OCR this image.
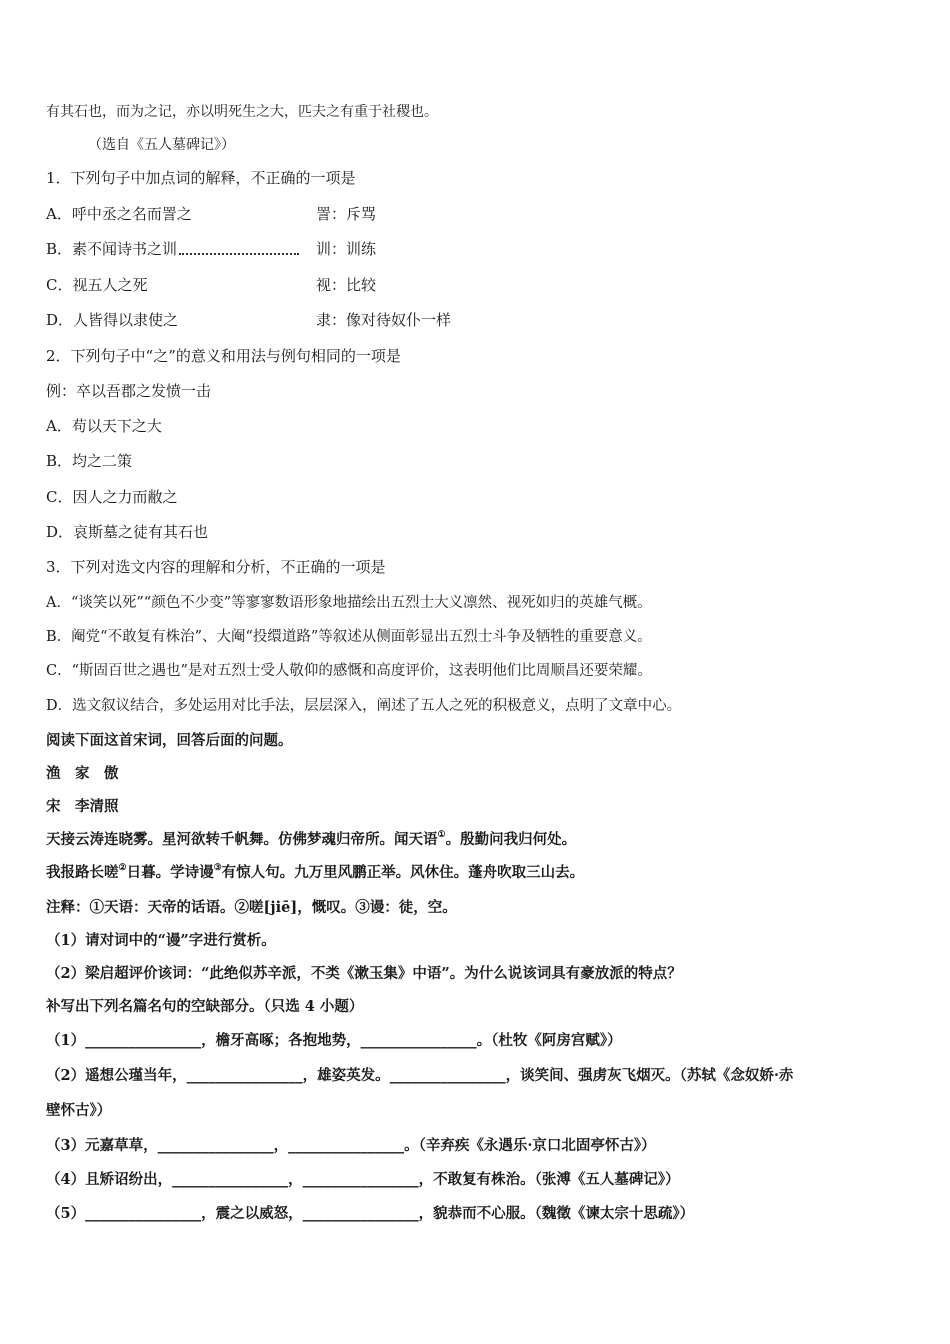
有其石也，而为之记，亦以明死生之大，匹夫之有重于社稷也。
（选自《五人墓碑记》）
1．下列句子中加点词的解释，不正确的一项是
A．呼中丞之名而詈之	詈：斥骂
B．素不闻诗书之训	训：训练
C．视五人之死	视：比较
D．人皆得以隶使之	隶：像对待奴仆一样
2．下列句子中“之”的意义和用法与例句相同的一项是
例：卒以吾郡之发愤一击
A．苟以天下之大
B．均之二策
C．因人之力而敝之
D．哀斯墓之徒有其石也
3．下列对选文内容的理解和分析，不正确的一项是
A．“谈笑以死”“颜色不少变”等寥寥数语形象地描绘出五烈士大义凛然、视死如归的英雄气概。
B．阉党“不敢复有株治”、大阉“投缳道路”等叙述从侧面彰显出五烈士斗争及牺牲的重要意义。
C．“斯固百世之遇也”是对五烈士受人敬仰的感慨和高度评价，这表明他们比周顺昌还要荣耀。
D．选文叙议结合，多处运用对比手法，层层深入，阐述了五人之死的积极意义，点明了文章中心。
阅读下面这首宋词，回答后面的问题。
渔　家　傲
宋　李清照
天接云涛连晓雾。星河欲转千帆舞。仿佛梦魂归帝所。闻天语①。殷勤问我归何处。
我报路长嗟②日暮。学诗谩③有惊人句。九万里风鹏正举。风休住。蓬舟吹取三山去。
注释：①天语：天帝的话语。②嗟[jiē]，慨叹。③谩：徒，空。
（1）请对词中的“谩”字进行赏析。
（2）梁启超评价该词：“此绝似苏辛派，不类《漱玉集》中语”。为什么说该词具有豪放派的特点？
补写出下列名篇名句的空缺部分。（只选 4 小题）
（1）________________，檐牙高啄；各抱地势，________________。（杜牧《阿房宫赋》）
（2）遥想公瑾当年，________________，雄姿英发。________________，谈笑间、强虏灰飞烟灭。（苏轼《念奴娇·赤
壁怀古》）
（3）元嘉草草，________________，________________。（辛弃疾《永遇乐·京口北固亭怀古》）
（4）且矫诏纷出，________________，________________，不敢复有株治。（张溥《五人墓碑记》）
（5）________________，震之以威怒，________________，貌恭而不心服。（魏徵《谏太宗十思疏》）
